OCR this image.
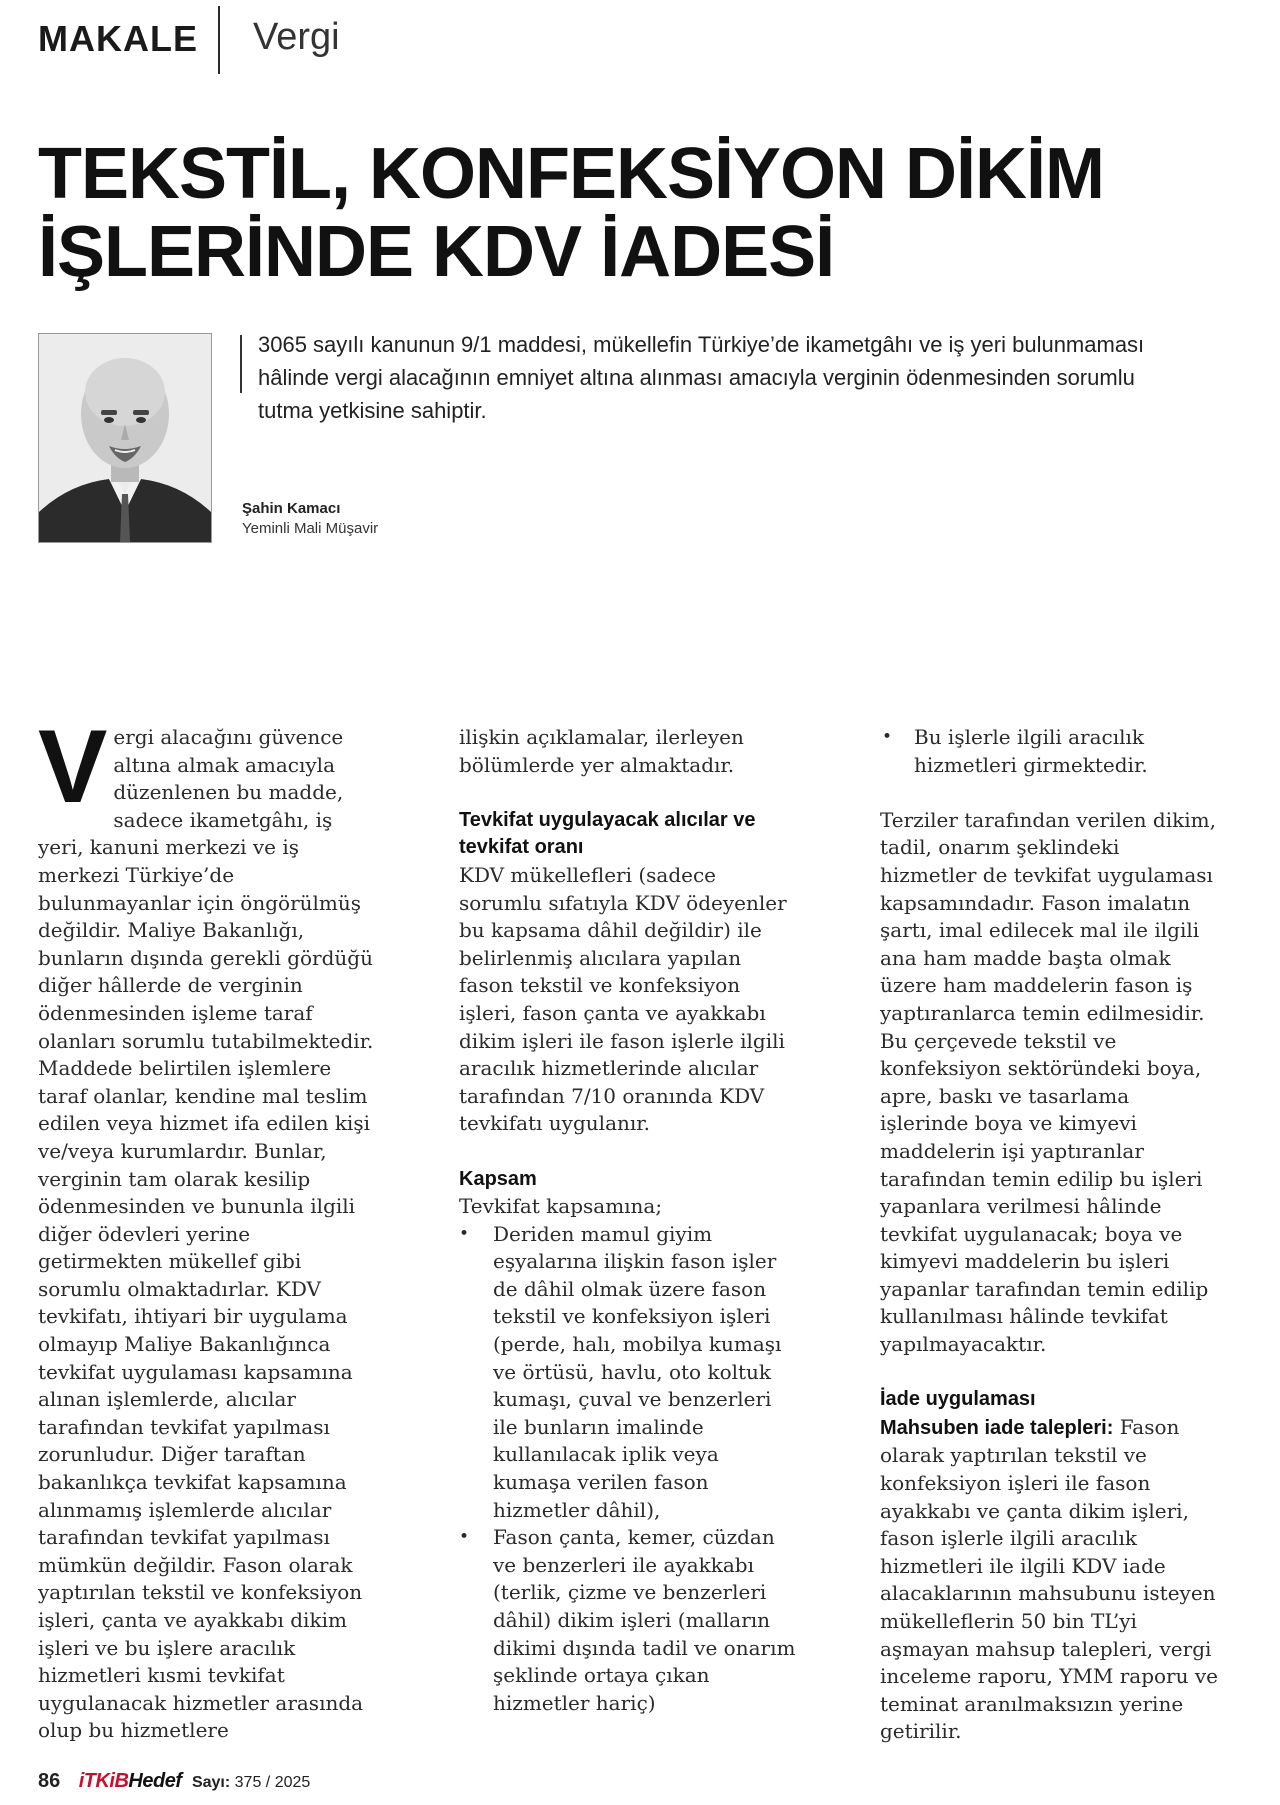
MAKALE Vergi
TEKSTİL, KONFEKSİYON DİKİM
İŞLERİNDE KDV İADESİ

3065 sayılı kanunun 9/1 maddesi, mükellefin Türkiye’de ikametgâhı ve iş yeri bulunmaması hâlinde vergi alacağının emniyet altına alınması amacıyla verginin ödenmesinden sorumlu tutma yetkisine sahiptir.

Şahin Kamacı
Yeminli Mali Müşavir
V ergi alacağını güvence altına almak amacıyla düzenlenen bu madde, sadece ikametgâhı, iş yeri, kanuni merkezi ve iş merkezi Türkiye’de bulunmayanlar için öngörülmüş değildir. Maliye Bakanlığı, bunların dışında gerekli gördüğü diğer hâllerde de verginin ödenmesinden işleme taraf olanları sorumlu tutabilmektedir. Maddede belirtilen işlemlere taraf olanlar, kendine mal teslim edilen veya hizmet ifa edilen kişi ve/veya kurumlardır. Bunlar, verginin tam olarak kesilip ödenmesinden ve bununla ilgili diğer ödevleri yerine getirmekten mükellef gibi sorumlu olmaktadırlar. KDV tevkifatı, ihtiyari bir uygulama olmayıp Maliye Bakanlığınca tevkifat uygulaması kapsamına alınan işlemlerde, alıcılar tarafından tevkifat yapılması zorunludur. Diğer taraftan bakanlıkça tevkifat kapsamına alınmamış işlemlerde alıcılar tarafından tevkifat yapılması mümkün değildir. Fason olarak yaptırılan tekstil ve konfeksiyon işleri, çanta ve ayakkabı dikim işleri ve bu işlere aracılık hizmetleri kısmi tevkifat uygulanacak hizmetler arasında olup bu hizmetlere

ilişkin açıklamalar, ilerleyen bölümlerde yer almaktadır.

Tevkifat uygulayacak alıcılar ve tevkifat oranı

KDV mükellefleri (sadece sorumlu sıfatıyla KDV ödeyenler bu kapsama dâhil değildir) ile belirlenmiş alıcılara yapılan fason tekstil ve konfeksiyon işleri, fason çanta ve ayakkabı dikim işleri ile fason işlerle ilgili aracılık hizmetlerinde alıcılar tarafından 7/10 oranında KDV tevkifatı uygulanır.

Kapsam

Tevkifat kapsamına;

• Deriden mamul giyim eşyalarına ilişkin fason işler de dâhil olmak üzere fason tekstil ve konfeksiyon işleri (perde, halı, mobilya kumaşı ve örtüsü, havlu, oto koltuk kumaşı, çuval ve benzerleri ile bunların imalinde kullanılacak iplik veya kumaşa verilen fason hizmetler dâhil),
• Fason çanta, kemer, cüzdan ve benzerleri ile ayakkabı (terlik, çizme ve benzerleri dâhil) dikim işleri (malların dikimi dışında tadil ve onarım şeklinde ortaya çıkan hizmetler hariç)
• Bu işlerle ilgili aracılık hizmetleri girmektedir.

Terziler tarafından verilen dikim, tadil, onarım şeklindeki hizmetler de tevkifat uygulaması kapsamındadır. Fason imalatın şartı, imal edilecek mal ile ilgili ana ham madde başta olmak üzere ham maddelerin fason iş yaptıranlarca temin edilmesidir. Bu çerçevede tekstil ve konfeksiyon sektöründeki boya, apre, baskı ve tasarlama işlerinde boya ve kimyevi maddelerin işi yaptıranlar tarafından temin edilip bu işleri yapanlara verilmesi hâlinde tevkifat uygulanacak; boya ve kimyevi maddelerin bu işleri yapanlar tarafından temin edilip kullanılması hâlinde tevkifat yapılmayacaktır.

İade uygulaması

Mahsuben iade talepleri: Fason olarak yaptırılan tekstil ve konfeksiyon işleri ile fason ayakkabı ve çanta dikim işleri, fason işlerle ilgili aracılık hizmetleri ile ilgili KDV iade alacaklarının mahsubunu isteyen mükelleflerin 50 bin TL’yi aşmayan mahsup talepleri, vergi inceleme raporu, YMM raporu ve teminat aranılmaksızın yerine getirilir.

86 iTKiBHedef Sayı: 375 / 2025
